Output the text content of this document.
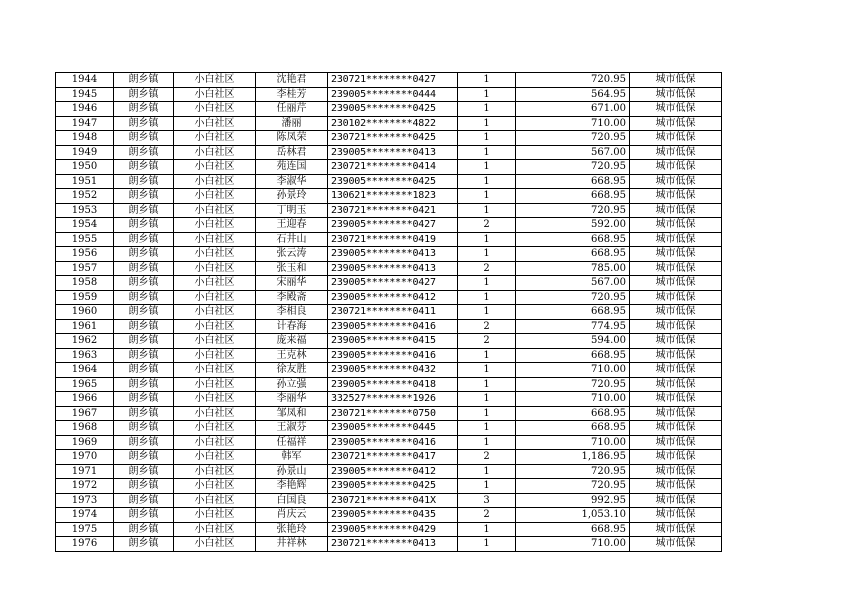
1944	朗乡镇	小白社区	沈艳君	230721********0427	1	720.95	城市低保
1945	朗乡镇	小白社区	李桂芳	239005********0444	1	564.95	城市低保
1946	朗乡镇	小白社区	任丽芹	239005********0425	1	671.00	城市低保
1947	朗乡镇	小白社区	潘丽	230102********4822	1	710.00	城市低保
1948	朗乡镇	小白社区	陈凤荣	230721********0425	1	720.95	城市低保
1949	朗乡镇	小白社区	岳林君	239005********0413	1	567.00	城市低保
1950	朗乡镇	小白社区	苑连国	230721********0414	1	720.95	城市低保
1951	朗乡镇	小白社区	李淑华	239005********0425	1	668.95	城市低保
1952	朗乡镇	小白社区	孙景玲	130621********1823	1	668.95	城市低保
1953	朗乡镇	小白社区	丁明玉	230721********0421	1	720.95	城市低保
1954	朗乡镇	小白社区	王迎春	239005********0427	2	592.00	城市低保
1955	朗乡镇	小白社区	石井山	230721********0419	1	668.95	城市低保
1956	朗乡镇	小白社区	张云涛	239005********0413	1	668.95	城市低保
1957	朗乡镇	小白社区	张玉和	239005********0413	2	785.00	城市低保
1958	朗乡镇	小白社区	宋丽华	239005********0427	1	567.00	城市低保
1959	朗乡镇	小白社区	李殿斋	239005********0412	1	720.95	城市低保
1960	朗乡镇	小白社区	李相良	230721********0411	1	668.95	城市低保
1961	朗乡镇	小白社区	计春海	239005********0416	2	774.95	城市低保
1962	朗乡镇	小白社区	庞来福	239005********0415	2	594.00	城市低保
1963	朗乡镇	小白社区	王克林	239005********0416	1	668.95	城市低保
1964	朗乡镇	小白社区	徐友胜	239005********0432	1	710.00	城市低保
1965	朗乡镇	小白社区	孙立强	239005********0418	1	720.95	城市低保
1966	朗乡镇	小白社区	李丽华	332527********1926	1	710.00	城市低保
1967	朗乡镇	小白社区	邹凤和	230721********0750	1	668.95	城市低保
1968	朗乡镇	小白社区	王淑芬	239005********0445	1	668.95	城市低保
1969	朗乡镇	小白社区	任福祥	239005********0416	1	710.00	城市低保
1970	朗乡镇	小白社区	韩军	230721********0417	2	1,186.95	城市低保
1971	朗乡镇	小白社区	孙景山	239005********0412	1	720.95	城市低保
1972	朗乡镇	小白社区	李艳辉	239005********0425	1	720.95	城市低保
1973	朗乡镇	小白社区	白国良	230721********041X	3	992.95	城市低保
1974	朗乡镇	小白社区	肖庆云	239005********0435	2	1,053.10	城市低保
1975	朗乡镇	小白社区	张艳玲	239005********0429	1	668.95	城市低保
1976	朗乡镇	小白社区	井祥林	230721********0413	1	710.00	城市低保
